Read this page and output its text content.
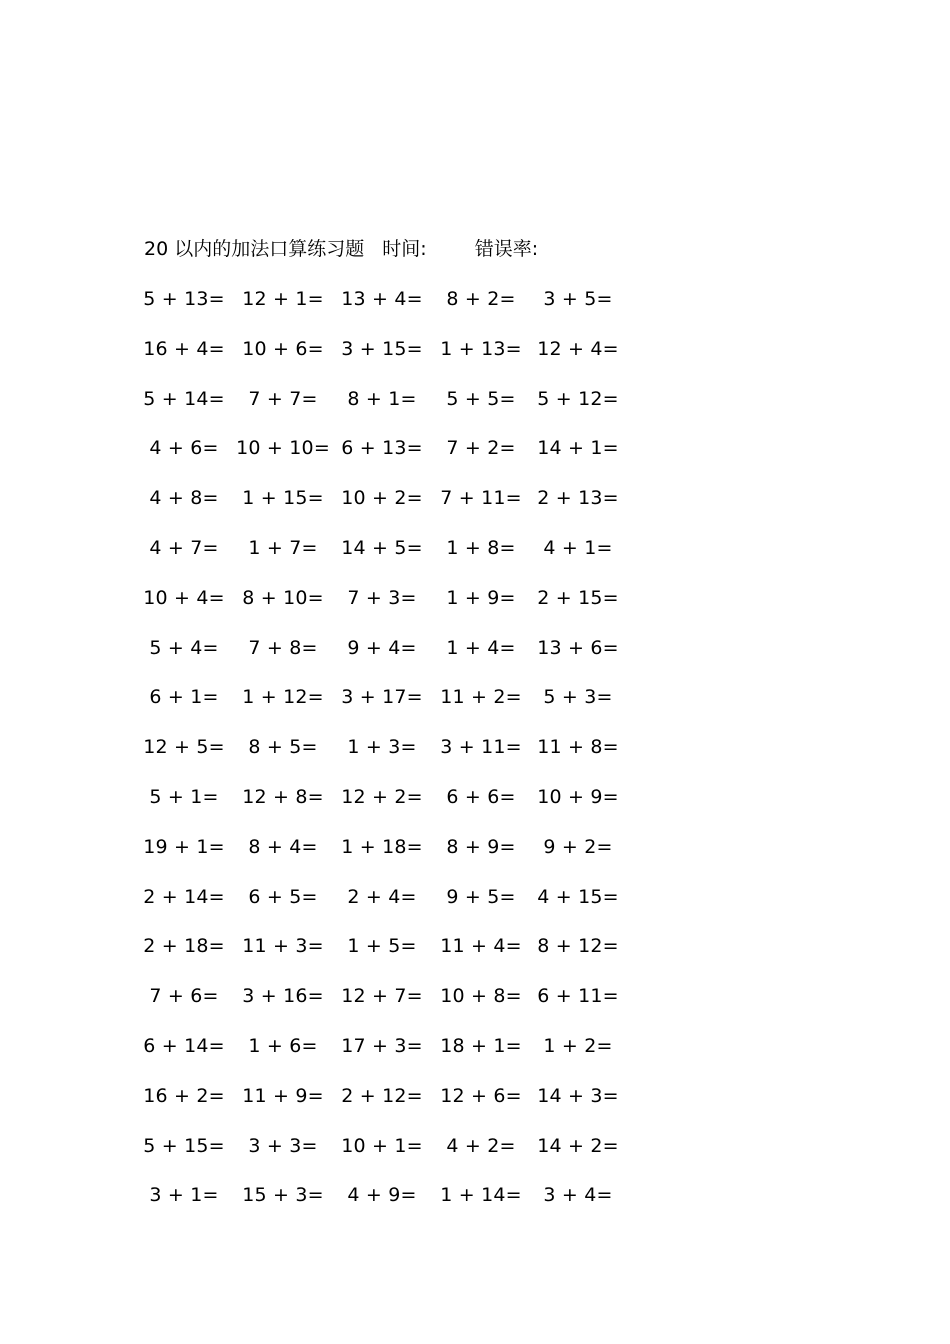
20 以内的加法口算练习题 时间:	错误率:
5 + 13= 12 + 1= 13 + 4= 8 + 2= 3 + 5=
16 + 4= 10 + 6= 3 + 15= 1 + 13= 12 + 4=
5 + 14= 7 + 7= 8 + 1= 5 + 5= 5 + 12=
4 + 6= 10 + 10= 6 + 13= 7 + 2= 14 + 1=
4 + 8= 1 + 15= 10 + 2= 7 + 11= 2 + 13=
4 + 7= 1 + 7= 14 + 5= 1 + 8= 4 + 1=
10 + 4= 8 + 10= 7 + 3= 1 + 9= 2 + 15=
5 + 4= 7 + 8= 9 + 4= 1 + 4= 13 + 6=
6 + 1= 1 + 12= 3 + 17= 11 + 2= 5 + 3=
12 + 5= 8 + 5= 1 + 3= 3 + 11= 11 + 8=
5 + 1= 12 + 8= 12 + 2= 6 + 6= 10 + 9=
19 + 1= 8 + 4= 1 + 18= 8 + 9= 9 + 2=
2 + 14= 6 + 5= 2 + 4= 9 + 5= 4 + 15=
2 + 18= 11 + 3= 1 + 5= 11 + 4= 8 + 12=
7 + 6= 3 + 16= 12 + 7= 10 + 8= 6 + 11=
6 + 14= 1 + 6= 17 + 3= 18 + 1= 1 + 2=
16 + 2= 11 + 9= 2 + 12= 12 + 6= 14 + 3=
5 + 15= 3 + 3= 10 + 1= 4 + 2= 14 + 2=
3 + 1= 15 + 3= 4 + 9= 1 + 14= 3 + 4=
